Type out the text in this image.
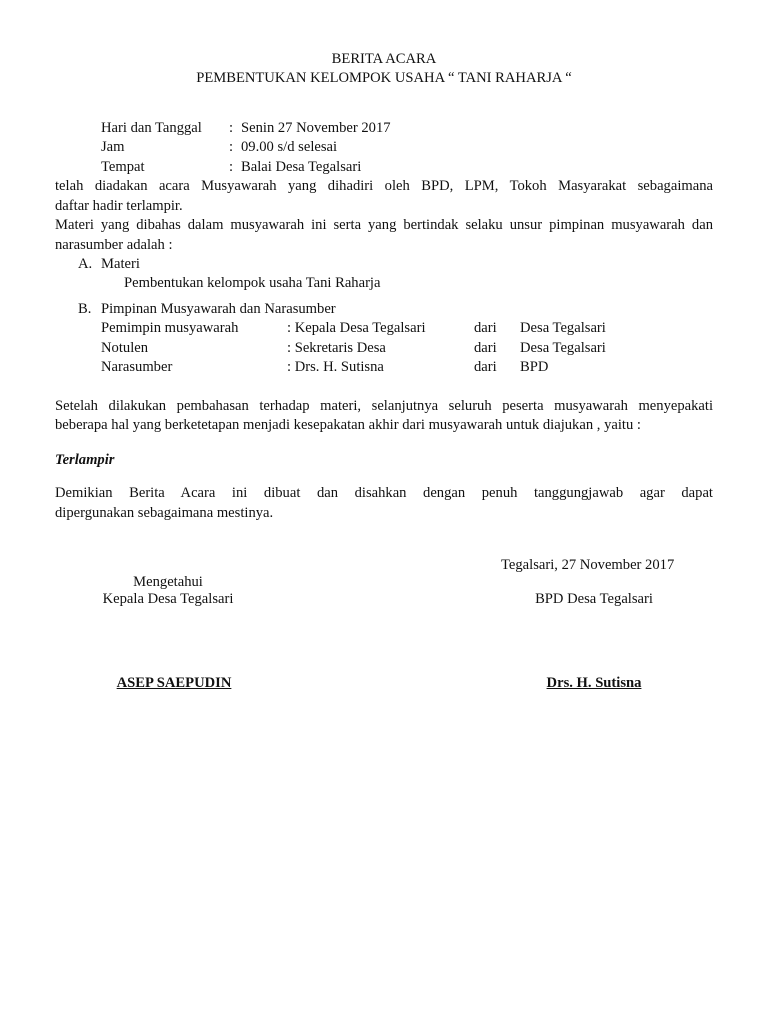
BERITA ACARA
PEMBENTUKAN KELOMPOK USAHA “ TANI RAHARJA “
Hari dan Tanggal : Senin 27 November 2017
Jam	: 09.00 s/d selesai
Tempat	: Balai Desa Tegalsari
telah diadakan acara Musyawarah yang dihadiri oleh BPD, LPM, Tokoh Masyarakat sebagaimana
daftar hadir terlampir.
Materi yang dibahas dalam musyawarah ini serta yang bertindak selaku unsur pimpinan musyawarah dan
narasumber adalah :
A. Materi
Pembentukan kelompok usaha Tani Raharja
B. Pimpinan Musyawarah dan Narasumber
Pemimpin musyawarah	: Kepala Desa Tegalsari	dari Desa Tegalsari
Notulen	: Sekretaris Desa	dari Desa Tegalsari
Narasumber	: Drs. H. Sutisna	dari BPD
Setelah dilakukan pembahasan terhadap materi, selanjutnya seluruh peserta musyawarah menyepakati
beberapa hal yang berketetapan menjadi kesepakatan akhir dari musyawarah untuk diajukan , yaitu :
Terlampir
Demikian Berita Acara ini dibuat dan disahkan dengan penuh tanggungjawab agar dapat
dipergunakan sebagaimana mestinya.
Tegalsari, 27 November 2017
Mengetahui
Kepala Desa Tegalsari	BPD Desa Tegalsari
ASEP SAEPUDIN	Drs. H. Sutisna
